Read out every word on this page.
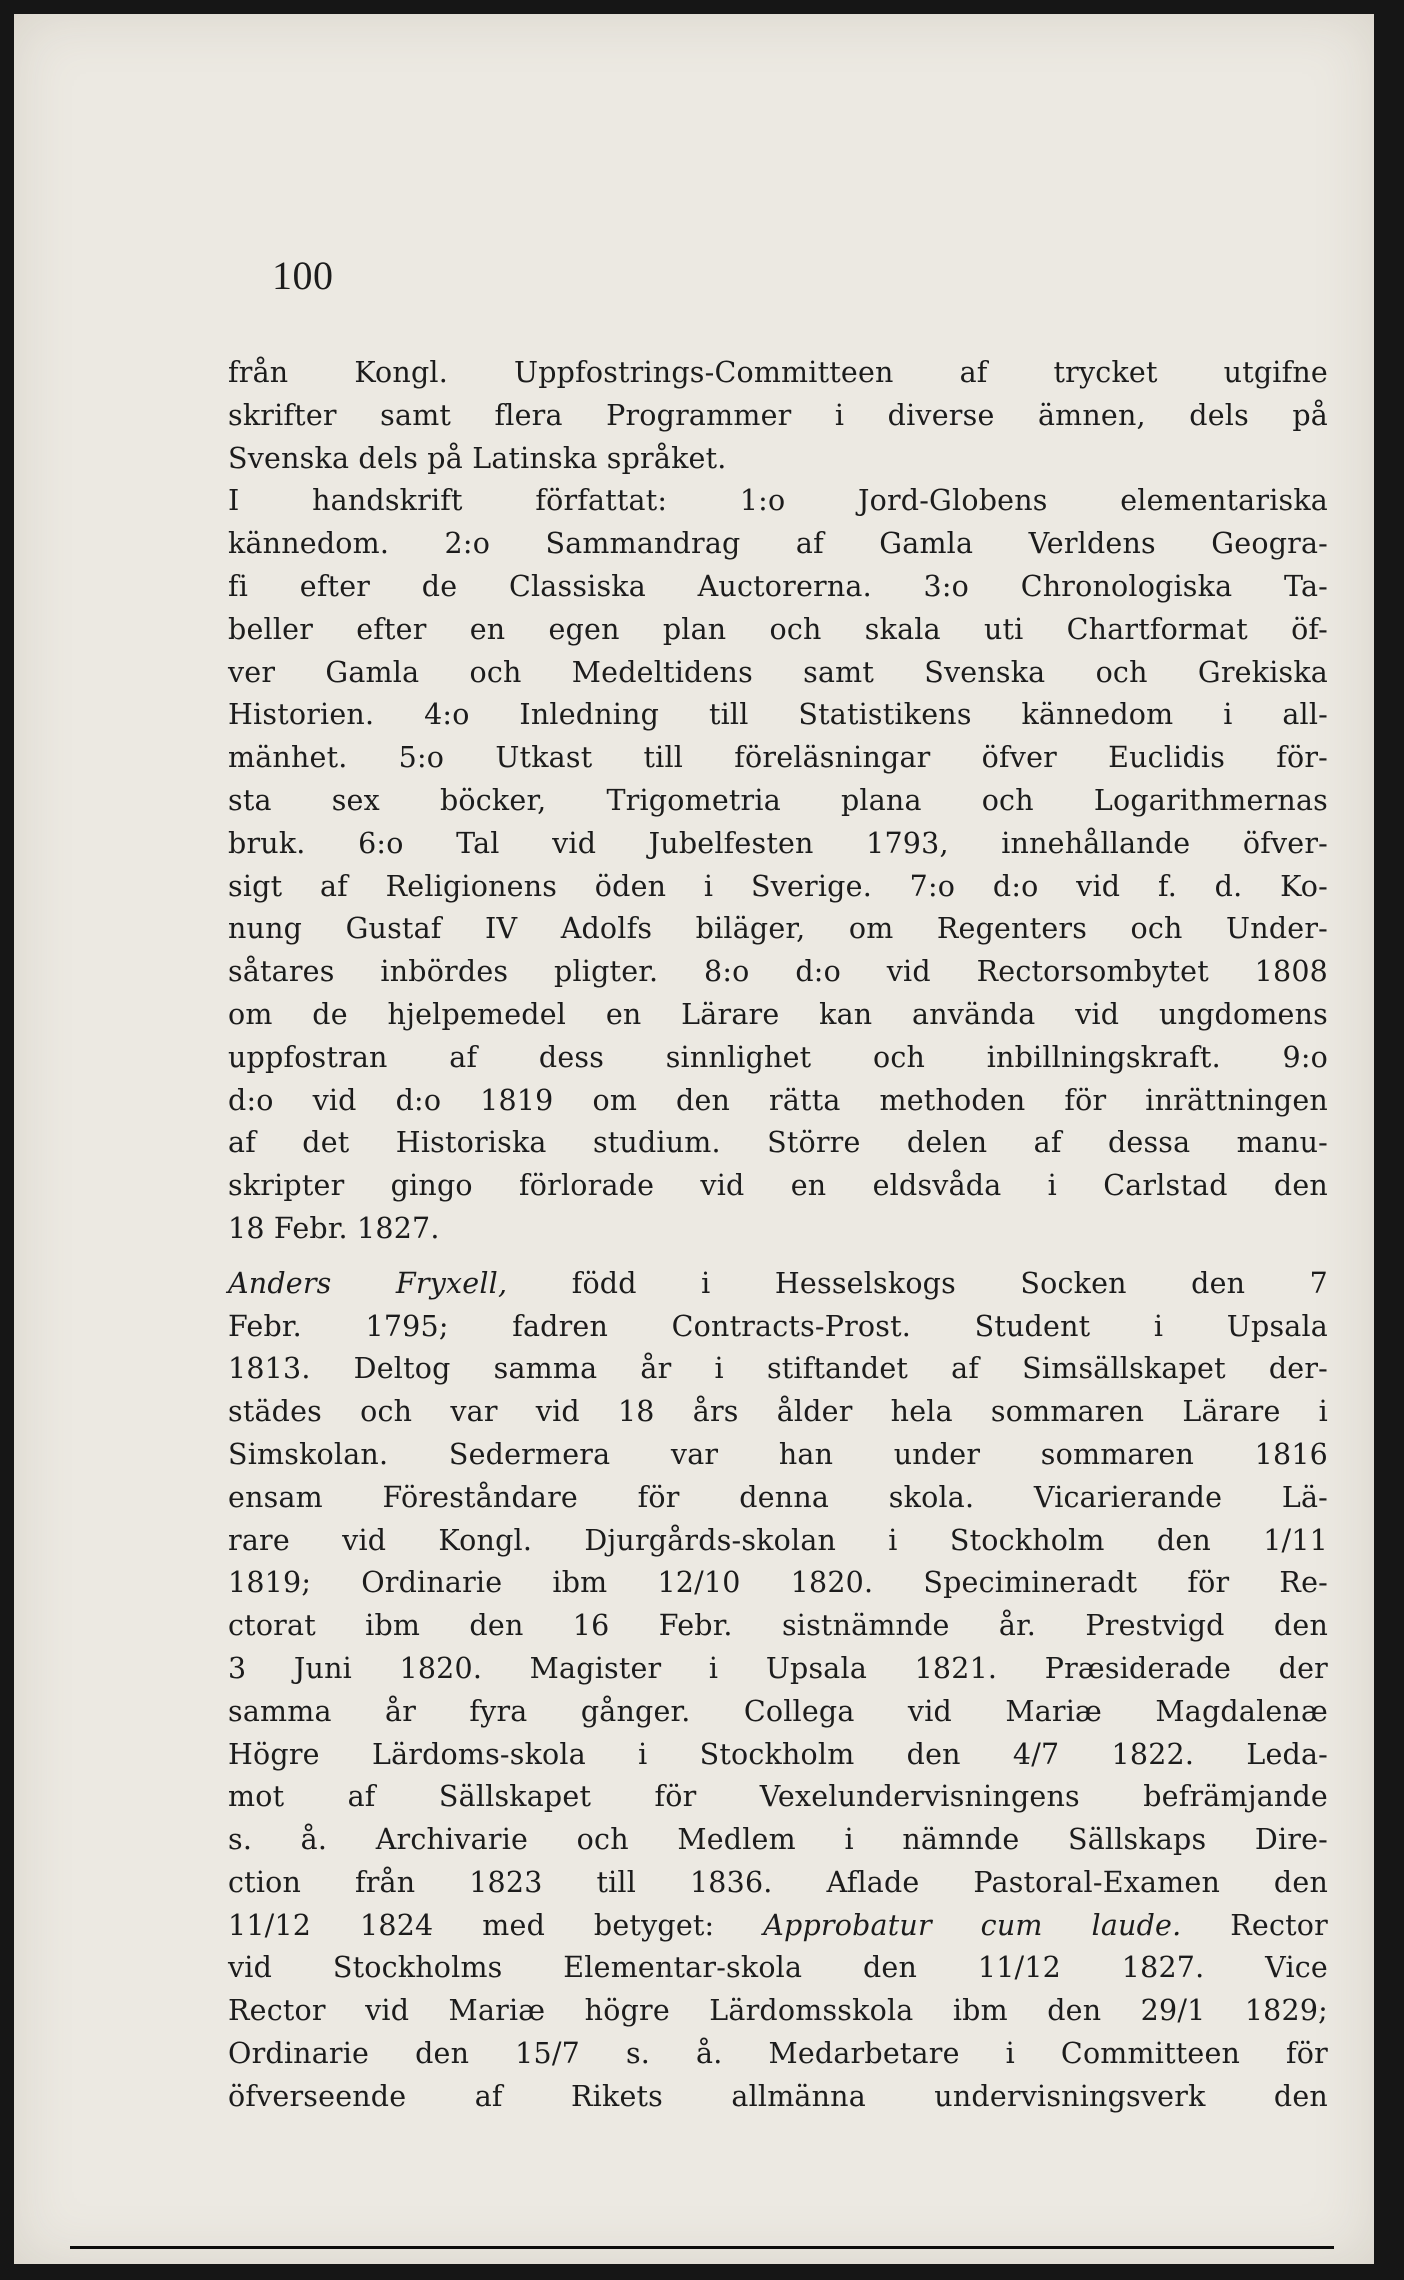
100
från Kongl. Uppfostrings-Committeen af trycket utgifne
skrifter samt flera Programmer i diverse ämnen, dels på
Svenska dels på Latinska språket.
I handskrift författat: 1:o Jord-Globens elementariska
kännedom. 2:o Sammandrag af Gamla Verldens Geogra-
fi efter de Classiska Auctorerna. 3:o Chronologiska Ta-
beller efter en egen plan och skala uti Chartformat öf-
ver Gamla och Medeltidens samt Svenska och Grekiska
Historien. 4:o Inledning till Statistikens kännedom i all-
mänhet. 5:o Utkast till föreläsningar öfver Euclidis för-
sta sex böcker, Trigometria plana och Logarithmernas
bruk. 6:o Tal vid Jubelfesten 1793, innehållande öfver-
sigt af Religionens öden i Sverige. 7:o d:o vid f. d. Ko-
nung Gustaf IV Adolfs biläger, om Regenters och Under-
såtares inbördes pligter. 8:o d:o vid Rectorsombytet 1808
om de hjelpemedel en Lärare kan använda vid ungdomens
uppfostran af dess sinnlighet och inbillningskraft. 9:o
d:o vid d:o 1819 om den rätta methoden för inrättningen
af det Historiska studium. Större delen af dessa manu-
skripter gingo förlorade vid en eldsvåda i Carlstad den
18 Febr. 1827.
Anders Fryxell, född i Hesselskogs Socken den 7
Febr. 1795; fadren Contracts-Prost. Student i Upsala
1813. Deltog samma år i stiftandet af Simsällskapet der-
städes och var vid 18 års ålder hela sommaren Lärare i
Simskolan. Sedermera var han under sommaren 1816
ensam Föreståndare för denna skola. Vicarierande Lä-
rare vid Kongl. Djurgårds-skolan i Stockholm den 1/11
1819; Ordinarie ibm 12/10 1820. Specimineradt för Re-
ctorat ibm den 16 Febr. sistnämnde år. Prestvigd den
3 Juni 1820. Magister i Upsala 1821. Præsiderade der
samma år fyra gånger. Collega vid Mariæ Magdalenæ
Högre Lärdoms-skola i Stockholm den 4/7 1822. Leda-
mot af Sällskapet för Vexelundervisningens befrämjande
s. å. Archivarie och Medlem i nämnde Sällskaps Dire-
ction från 1823 till 1836. Aflade Pastoral-Examen den
11/12 1824 med betyget: Approbatur cum laude. Rector
vid Stockholms Elementar-skola den 11/12 1827. Vice
Rector vid Mariæ högre Lärdomsskola ibm den 29/1 1829;
Ordinarie den 15/7 s. å. Medarbetare i Committeen för
öfverseende af Rikets allmänna undervisningsverk den
